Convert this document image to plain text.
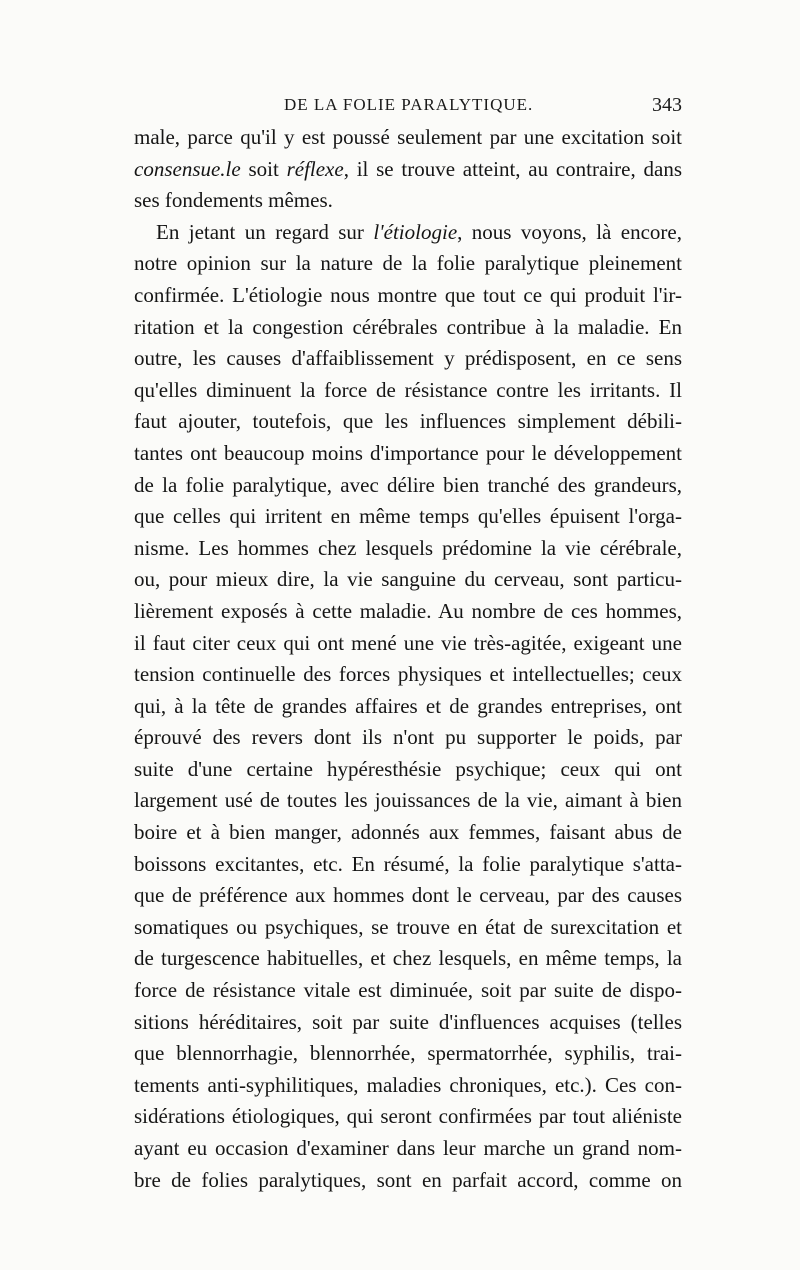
DE LA FOLIE PARALYTIQUE.	343
male, parce qu'il y est poussé seulement par une excitation soit
consensue.le soit réflexe, il se trouve atteint, au contraire, dans
ses fondements mêmes.
En jetant un regard sur l'étiologie, nous voyons, là encore,
notre opinion sur la nature de la folie paralytique pleinement
confirmée. L'étiologie nous montre que tout ce qui produit l'ir-
ritation et la congestion cérébrales contribue à la maladie. En
outre, les causes d'affaiblissement y prédisposent, en ce sens
qu'elles diminuent la force de résistance contre les irritants. Il
faut ajouter, toutefois, que les influences simplement débili-
tantes ont beaucoup moins d'importance pour le développement
de la folie paralytique, avec délire bien tranché des grandeurs,
que celles qui irritent en même temps qu'elles épuisent l'orga-
nisme. Les hommes chez lesquels prédomine la vie cérébrale,
ou, pour mieux dire, la vie sanguine du cerveau, sont particu-
lièrement exposés à cette maladie. Au nombre de ces hommes,
il faut citer ceux qui ont mené une vie très-agitée, exigeant une
tension continuelle des forces physiques et intellectuelles; ceux
qui, à la tête de grandes affaires et de grandes entreprises, ont
éprouvé des revers dont ils n'ont pu supporter le poids, par
suite d'une certaine hypéresthésie psychique; ceux qui ont
largement usé de toutes les jouissances de la vie, aimant à bien
boire et à bien manger, adonnés aux femmes, faisant abus de
boissons excitantes, etc. En résumé, la folie paralytique s'atta-
que de préférence aux hommes dont le cerveau, par des causes
somatiques ou psychiques, se trouve en état de surexcitation et
de turgescence habituelles, et chez lesquels, en même temps, la
force de résistance vitale est diminuée, soit par suite de dispo-
sitions héréditaires, soit par suite d'influences acquises (telles
que blennorrhagie, blennorrhée, spermatorrhée, syphilis, trai-
tements anti-syphilitiques, maladies chroniques, etc.). Ces con-
sidérations étiologiques, qui seront confirmées par tout aliéniste
ayant eu occasion d'examiner dans leur marche un grand nom-
bre de folies paralytiques, sont en parfait accord, comme on
